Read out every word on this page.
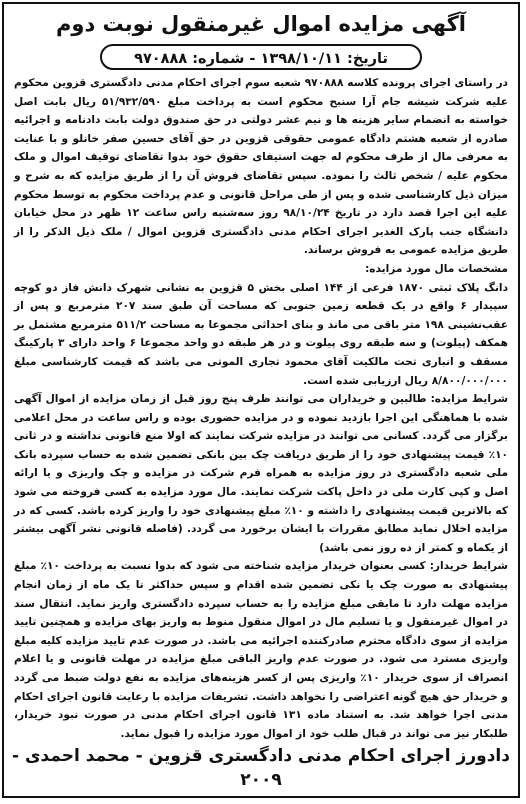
آگهی مزایده اموال غیرمنقول نوبت دوم
تاریخ: ۱۳۹۸/۱۰/۱۱ - شماره: ۹۷۰۸۸۸

در راستای اجرای پرونده کلاسه ۹۷۰۸۸۸ شعبه سوم اجرای احکام مدنی دادگستری قزوین محکوم علیه شرکت شیشه جام آرا سنبح محکوم است به پرداخت مبلغ ۵۱/۹۳۲/۵۹۰ ریال بابت اصل خواسته به انضمام سایر هزینه ها و نیم عشر دولتی در حق صندوق دولت بابت دادنامه و اجرائیه صادره از شعبه هشتم دادگاه عمومی حقوقی قزوین در حق آقای حسین صفر خانلو و با عنایت به معرفی مال از طرف محکوم له جهت استیفای حقوق خود بدوا تقاضای توقیف اموال و ملک محکوم علیه / شخص ثالث را نموده. سپس تقاضای فروش آن را از طریق مزایده که به شرح و میزان ذیل کارشناسی شده و پس از طی مراحل قانونی و عدم پرداخت محکوم به توسط محکوم علیه این اجرا قصد دارد در تاریخ ۹۸/۱۰/۲۴ روز سه‌شنبه راس ساعت ۱۲ ظهر در محل خیابان دانشگاه جنب پارک الغدیر اجرای احکام مدنی دادگستری قزوین اموال / ملک ذیل الذکر را از طریق مزایده عمومی به فروش برساند.

مشخصات مال مورد مزایده:
دانگ پلاک ثبتی ۱۸۷۰ فرعی از ۱۴۴ اصلی بخش ۵ قزوین به نشانی شهرک دانش فاز دو کوچه سپیدار ۶ واقع در یک قطعه زمین جنوبی که مساحت آن طبق سند ۲۰۷ مترمربع و پس از عقب‌نشینی ۱۹۸ متر باقی می ماند و بنای احداثی مجموعا به مساحت ۵۱۱/۲ مترمربع مشتمل بر همکف (پیلوت) و سه طبقه روی پیلوت و در هر طبقه دو واحد مجموعا ۶ واحد دارای ۳ پارکینگ مسقف و انباری تحت مالکیت آقای محمود تجاری الموتی می باشد که قیمت کارشناسی مبلغ ۸/۸۰۰/۰۰۰/۰۰۰ ریال ارزیابی شده است.

شرایط مزایده: طالبین و خریداران می توانند ظرف پنج روز قبل از زمان مزایده از اموال آگهی شده با هماهنگی این اجرا بازدید نموده و در مزایده حضوری بوده و راس ساعت در محل اعلامی برگزار می گردد. کسانی می توانند در مزایده شرکت نمایند که اولا منع قانونی نداشته و در ثانی ۱۰٪ قیمت پیشنهادی خود را از طریق دریافت چک بین بانکی تضمین شده به حساب سپرده بانک ملی شعبه دادگستری در روز مزایده به همراه فرم شرکت در مزایده و چک واریزی و یا ارائه اصل و کپی کارت ملی در داخل پاکت شرکت نمایند. مال مورد مزایده به کسی فروخته می شود که بالاترین قیمت پیشنهادی را داشته و ۱۰٪ مبلغ پیشنهادی خود را واریز کرده باشد. کسی که در مزایده اخلال نماید مطابق مقررات با ایشان برخورد می گردد. (فاصله قانونی نشر آگهی بیشتر از یکماه و کمتر از ده روز نمی باشد)

شرایط خریدار: کسی بعنوان خریدار مزایده شناخته می شود که بدوا نسبت به پرداخت ۱۰٪ مبلغ پیشنهادی به صورت چک یا نکی تضمین شده اقدام و سپس حداکثر تا یک ماه از زمان انجام مزایده مهلت دارد تا مابقی مبلغ مزایده را به حساب سپرده دادگستری واریز نماید. انتقال سند در اموال غیرمنقول و یا تسلیم مال در اموال منقول منوط به واریز بهای مزایده و همچنین تایید مزایده از سوی دادگاه محترم صادرکننده اجرائیه می باشد. در صورت عدم تایید مزایده کلیه مبلغ واریزی مسترد می شود. در صورت عدم واریز الباقی مبلغ مزایده در مهلت قانونی و یا اعلام انصراف از سوی خریدار ۱۰٪ واریزی پس از کسر هزینه‌های مزایده به نفع دولت ضبط می گردد و خریدار حق هیچ گونه اعتراضی را نخواهد داشت. تشریفات مزایده با رعایت قانون اجرای احکام مدنی اجرا خواهد شد. به استناد ماده ۱۳۱ قانون اجرای احکام مدنی در صورت نبود خریدار، طلبکار نیز می تواند در قبال طلب خود از اموال مورد مزایده را قبول نماید.

دادورز اجرای احکام مدنی دادگستری قزوین - محمد احمدی - ۲۰۰۹
